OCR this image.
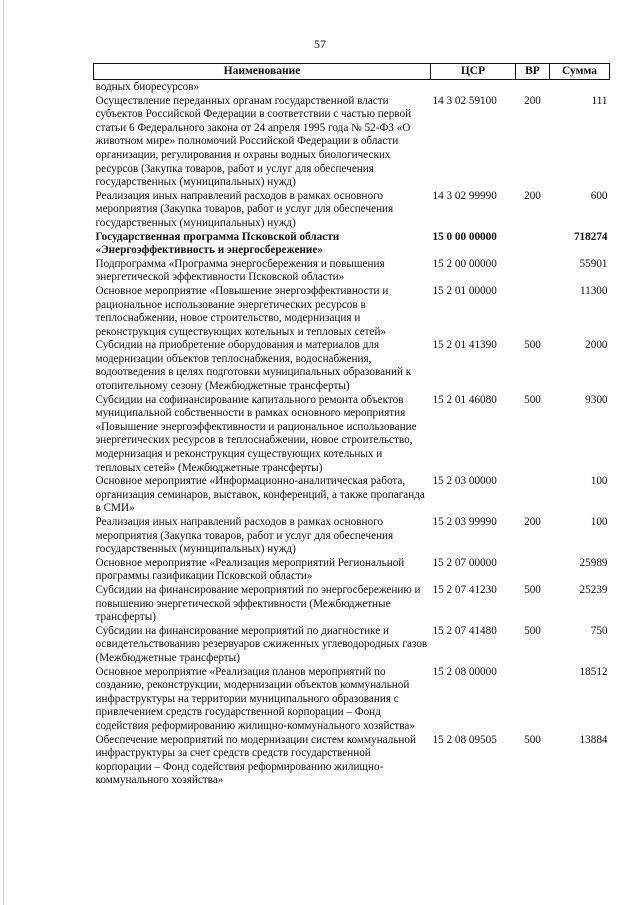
57
Наименование	ЦСР	ВР	Сумма
водных биоресурсов»			
Осуществление переданных органам государственной власти субъектов Российской Федерации в соответствии с частью первой статьи 6 Федерального закона от 24 апреля 1995 года № 52-ФЗ «О животном мире» полномочий Российской Федерации в области организации, регулирования и охраны водных биологических ресурсов (Закупка товаров, работ и услуг для обеспечения государственных (муниципальных) нужд)	14 3 02 59100	200	111
Реализация иных направлений расходов в рамках основного мероприятия (Закупка товаров, работ и услуг для обеспечения государственных (муниципальных) нужд)	14 3 02 99990	200	600
Государственная программа Псковской области «Энергоэффективность и энергосбережение»	15 0 00 00000		718274
Подпрограмма «Программа энергосбережения и повышения энергетической эффективности Псковской области»	15 2 00 00000		55901
Основное мероприятие «Повышение энергоэффективности и рациональное использование энергетических ресурсов в теплоснабжении, новое строительство, модернизация и реконструкция существующих котельных и тепловых сетей»	15 2 01 00000		11300
Субсидии на приобретение оборудования и материалов для модернизации объектов теплоснабжения, водоснабжения, водоотведения в целях подготовки муниципальных образований к отопительному сезону (Межбюджетные трансферты)	15 2 01 41390	500	2000
Субсидии на софинансирование капитального ремонта объектов муниципальной собственности в рамках основного мероприятия «Повышение энергоэффективности и рациональное использование энергетических ресурсов в теплоснабжении, новое строительство, модернизация и реконструкция существующих котельных и тепловых сетей» (Межбюджетные трансферты)	15 2 01 46080	500	9300
Основное мероприятие «Информационно-аналитическая работа, организация семинаров, выставок, конференций, а также пропаганда в СМИ»	15 2 03 00000		100
Реализация иных направлений расходов в рамках основного мероприятия (Закупка товаров, работ и услуг для обеспечения государственных (муниципальных) нужд)	15 2 03 99990	200	100
Основное мероприятие «Реализация мероприятий Региональной программы газификации Псковской области»	15 2 07 00000		25989
Субсидии на финансирование мероприятий по энергосбережению и повышению энергетической эффективности (Межбюджетные трансферты)	15 2 07 41230	500	25239
Субсидии на финансирование мероприятий по диагностике и освидетельствованию резервуаров сжиженных углеводородных газов (Межбюджетные трансферты)	15 2 07 41480	500	750
Основное мероприятие «Реализация планов мероприятий по созданию, реконструкции, модернизации объектов коммунальной инфраструктуры на территории муниципального образования с привлечением средств государственной корпорации – Фонд содействия реформированию жилищно-коммунального хозяйства»	15 2 08 00000		18512
Обеспечение мероприятий по модернизации систем коммунальной инфраструктуры за счет средств средств государственной корпорации – Фонд содействия реформированию жилищно-коммунального хозяйства»	15 2 08 09505	500	13884
